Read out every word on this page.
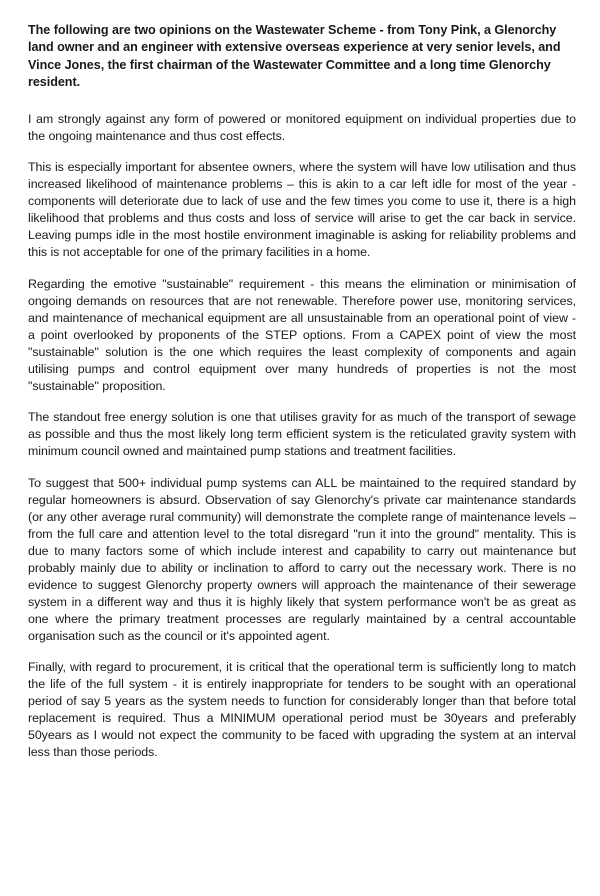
The following are two opinions on the Wastewater Scheme - from Tony Pink, a Glenorchy land owner and an engineer with extensive overseas experience at very senior levels, and Vince Jones, the first chairman of the Wastewater Committee and a long time Glenorchy resident.

I am strongly against any form of powered or monitored equipment on individual properties due to the ongoing maintenance and thus cost effects.

This is especially important for absentee owners, where the system will have low utilisation and thus increased likelihood of maintenance problems – this is akin to a car left idle for most of the year - components will deteriorate due to lack of use and the few times you come to use it, there is a high likelihood that problems and thus costs and loss of service will arise to get the car back in service. Leaving pumps idle in the most hostile environment imaginable is asking for reliability problems and this is not acceptable for one of the primary facilities in a home.

Regarding the emotive "sustainable" requirement - this means the elimination or minimisation of ongoing demands on resources that are not renewable. Therefore power use, monitoring services, and maintenance of mechanical equipment are all unsustainable from an operational point of view - a point overlooked by proponents of the STEP options. From a CAPEX point of view the most "sustainable" solution is the one which requires the least complexity of components and again utilising pumps and control equipment over many hundreds of properties is not the most "sustainable" proposition.

The standout free energy solution is one that utilises gravity for as much of the transport of sewage as possible and thus the most likely long term efficient system is the reticulated gravity system with minimum council owned and maintained pump stations and treatment facilities.

To suggest that 500+ individual pump systems can ALL be maintained to the required standard by regular homeowners is absurd. Observation of say Glenorchy's private car maintenance standards (or any other average rural community) will demonstrate the complete range of maintenance levels – from the full care and attention level to the total disregard "run it into the ground" mentality. This is due to many factors some of which include interest and capability to carry out maintenance but probably mainly due to ability or inclination to afford to carry out the necessary work. There is no evidence to suggest Glenorchy property owners will approach the maintenance of their sewerage system in a different way and thus it is highly likely that system performance won't be as great as one where the primary treatment processes are regularly maintained by a central accountable organisation such as the council or it's appointed agent.

Finally, with regard to procurement, it is critical that the operational term is sufficiently long to match the life of the full system - it is entirely inappropriate for tenders to be sought with an operational period of say 5 years as the system needs to function for considerably longer than that before total replacement is required. Thus a MINIMUM operational period must be 30years and preferably 50years as I would not expect the community to be faced with upgrading the system at an interval less than those periods.
